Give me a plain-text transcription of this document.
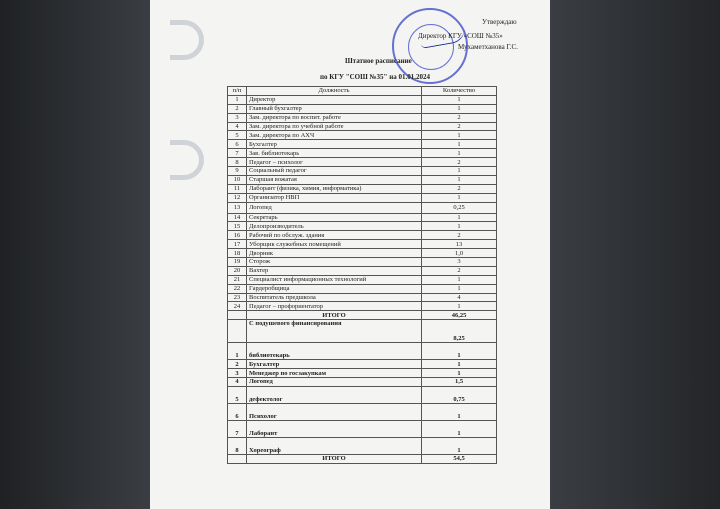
Утверждаю
Директор КГУ «СОШ №35»
Мухаметханова Г.С.
Штатное расписание
по КГУ "СОШ №35" на 01.01.2024
п/п	Должность	Количество
1	Директор	1
2	Главный бухгалтер	1
3	Зам. директора по воспит. работе	2
4	Зам. директора по учебной работе	2
5	Зам. директора по АХЧ	1
6	Бухгалтер	1
7	Зав. библиотекарь	1
8	Педагог – психолог	2
9	Социальный педагог	1
10	Старшая вожатая	1
11	Лаборант (физика, химия, информатика)	2
12	Организатор НВП	1
13	Логопед	0,25
14	Секретарь	1
15	Делопроизводитель	1
16	Рабочий по обслуж. здания	2
17	Уборщик служебных помещений	13
18	Дворник	1,0
19	Сторож	3
20	Вахтер	2
21	Специалист информационных технологий	1
22	Гардеробщица	1
23	Воспитатель предшкола	4
24	Педагог – профориентатор	1
	ИТОГО	46,25
	С подушевого финансирования	8,25
1	библиотекарь	1
2	Бухгалтер	1
3	Менеджер по госзакупкам	1
4	Логопед	1,5
5	дефектолог	0,75
6	Психолог	1
7	Лаборант	1
8	Хореограф	1
	ИТОГО	54,5
